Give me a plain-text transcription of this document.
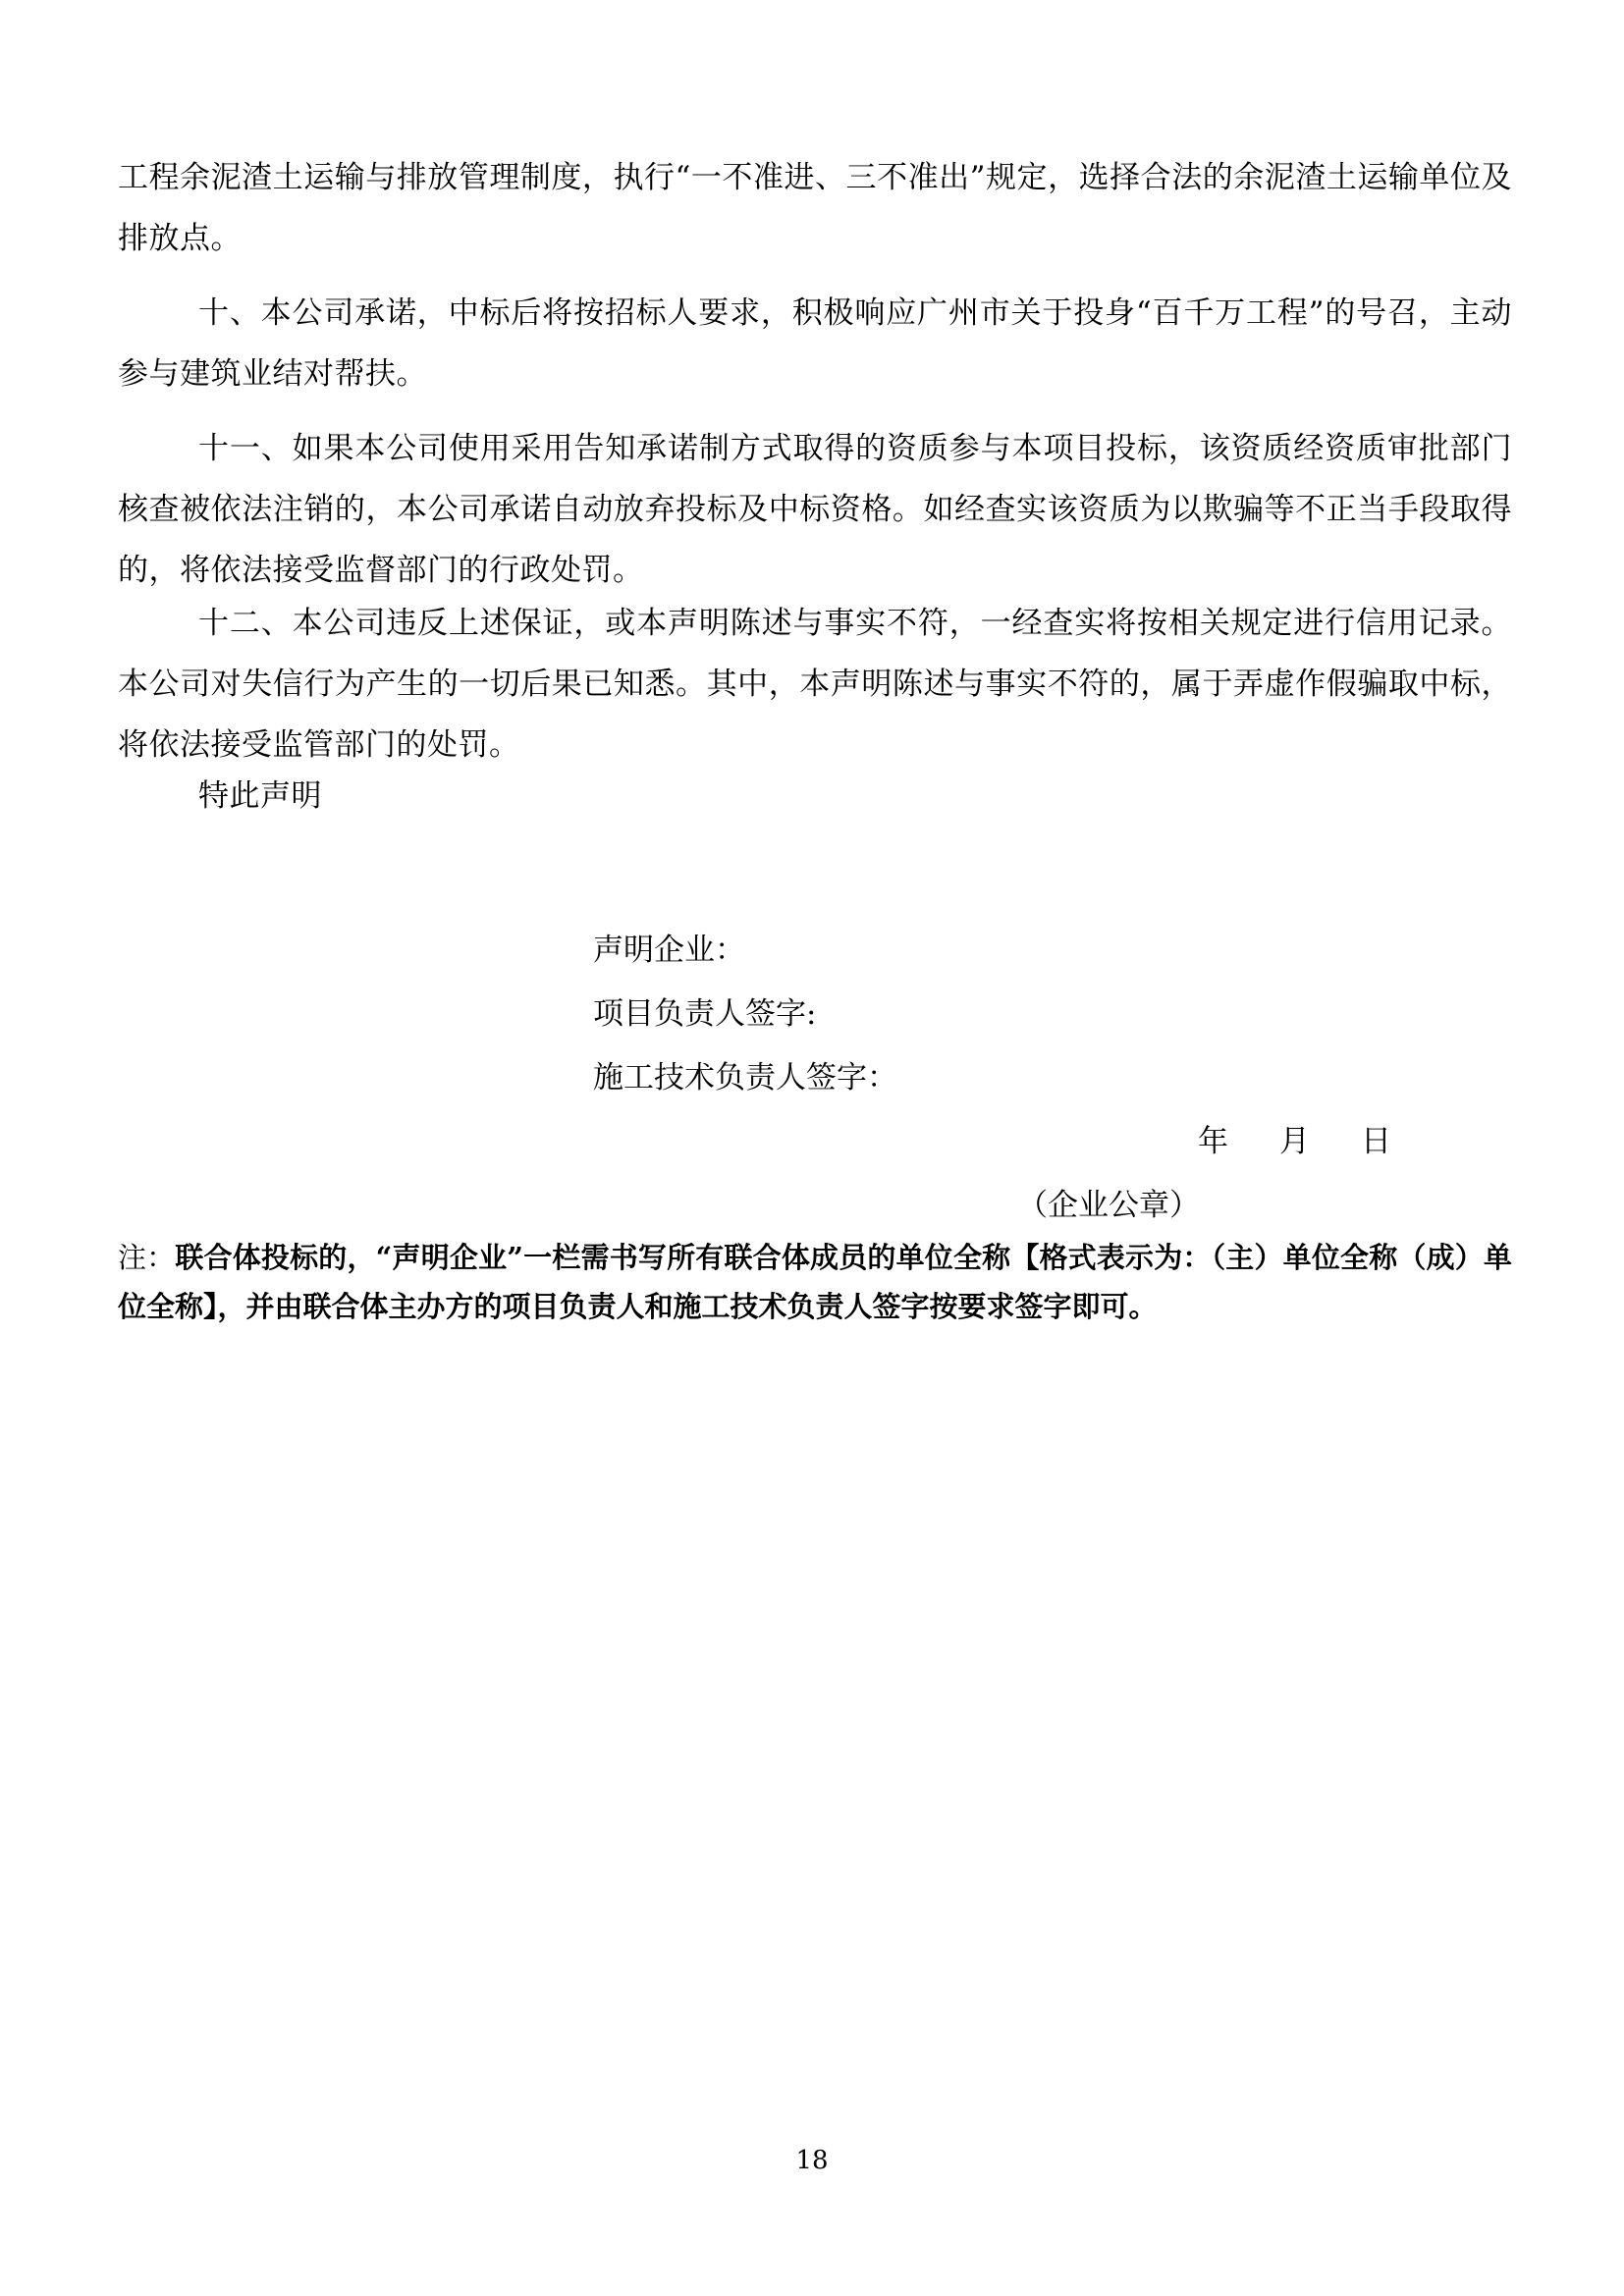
工程余泥渣土运输与排放管理制度，执行“一不准进、三不准出”规定，选择合法的余泥渣土运输单位及排放点。

十、本公司承诺，中标后将按招标人要求，积极响应广州市关于投身“百千万工程”的号召，主动参与建筑业结对帮扶。

十一、如果本公司使用采用告知承诺制方式取得的资质参与本项目投标，该资质经资质审批部门核查被依法注销的，本公司承诺自动放弃投标及中标资格。如经查实该资质为以欺骗等不正当手段取得的，将依法接受监督部门的行政处罚。

十二、本公司违反上述保证，或本声明陈述与事实不符，一经查实将按相关规定进行信用记录。本公司对失信行为产生的一切后果已知悉。其中，本声明陈述与事实不符的，属于弄虚作假骗取中标，将依法接受监管部门的处罚。

特此声明

声明企业：

项目负责人签字:

施工技术负责人签字：

年	月	日
（企业公章）

注：联合体投标的，“声明企业”一栏需书写所有联合体成员的单位全称【格式表示为：（主）单位全称（成）单位全称】，并由联合体主办方的项目负责人和施工技术负责人签字按要求签字即可。

18
